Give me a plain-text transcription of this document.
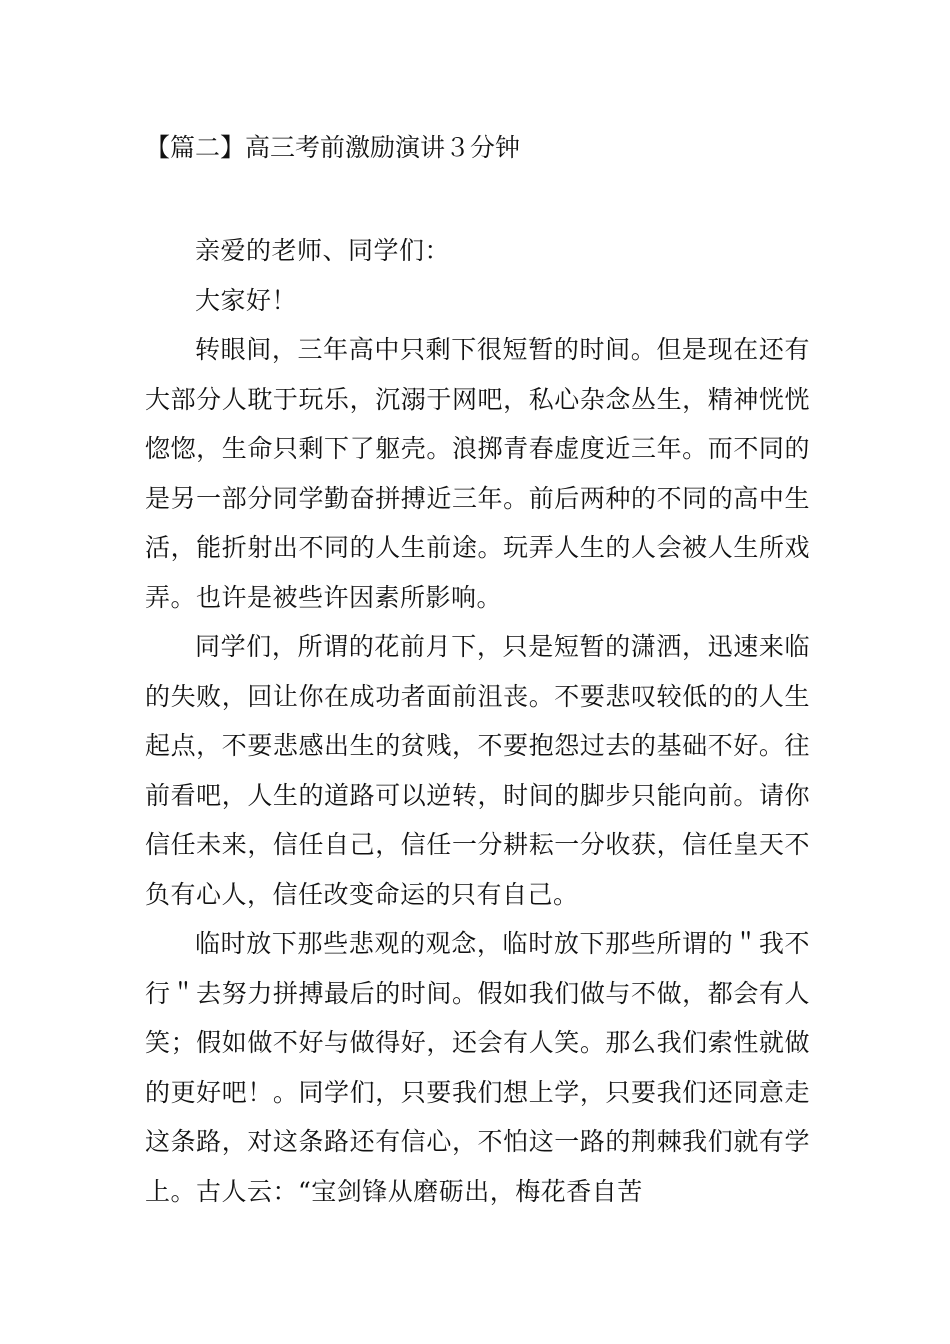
【篇二】高三考前激励演讲３分钟

亲爱的老师、同学们：

大家好！

转眼间，三年高中只剩下很短暂的时间。但是现在还有大部分人耽于玩乐，沉溺于网吧，私心杂念丛生，精神恍恍惚惚，生命只剩下了躯壳。浪掷青春虚度近三年。而不同的是另一部分同学勤奋拼搏近三年。前后两种的不同的高中生活，能折射出不同的人生前途。玩弄人生的人会被人生所戏弄。也许是被些许因素所影响。

同学们，所谓的花前月下，只是短暂的潇洒，迅速来临的失败，回让你在成功者面前沮丧。不要悲叹较低的的人生起点，不要悲感出生的贫贱，不要抱怨过去的基础不好。往前看吧，人生的道路可以逆转，时间的脚步只能向前。请你信任未来，信任自己，信任一分耕耘一分收获，信任皇天不负有心人，信任改变命运的只有自己。

临时放下那些悲观的观念，临时放下那些所谓的＂我不行＂去努力拼搏最后的时间。假如我们做与不做，都会有人笑；假如做不好与做得好，还会有人笑。那么我们索性就做的更好吧！。同学们，只要我们想上学，只要我们还同意走这条路，对这条路还有信心，不怕这一路的荆棘我们就有学上。古人云：“宝剑锋从磨砺出，梅花香自苦
